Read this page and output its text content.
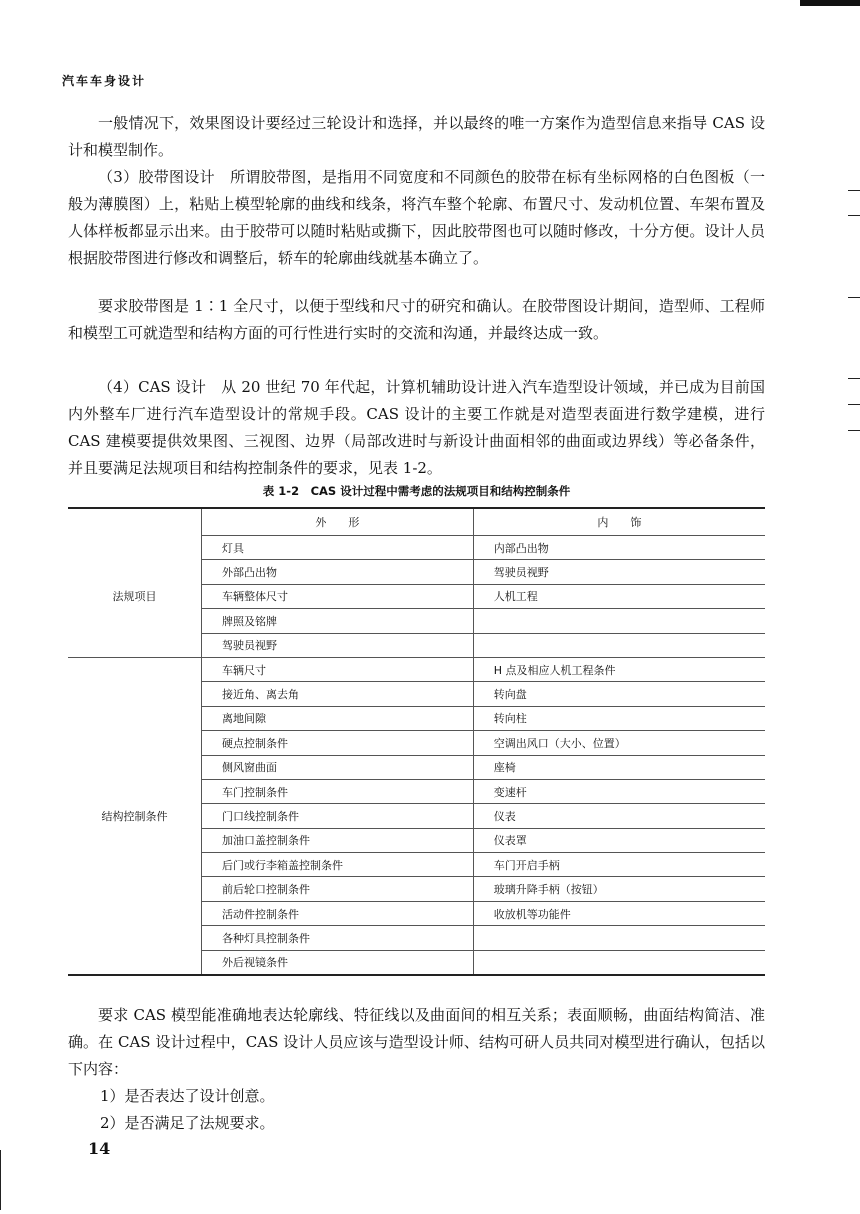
汽车车身设计

一般情况下，效果图设计要经过三轮设计和选择，并以最终的唯一方案作为造型信息来指导 CAS 设计和模型制作。

（3）胶带图设计　所谓胶带图，是指用不同宽度和不同颜色的胶带在标有坐标网格的白色图板（一般为薄膜图）上，粘贴上模型轮廓的曲线和线条，将汽车整个轮廓、布置尺寸、发动机位置、车架布置及人体样板都显示出来。由于胶带可以随时粘贴或撕下，因此胶带图也可以随时修改，十分方便。设计人员根据胶带图进行修改和调整后，轿车的轮廓曲线就基本确立了。

要求胶带图是 1∶1 全尺寸，以便于型线和尺寸的研究和确认。在胶带图设计期间，造型师、工程师和模型工可就造型和结构方面的可行性进行实时的交流和沟通，并最终达成一致。

（4）CAS 设计　从 20 世纪 70 年代起，计算机辅助设计进入汽车造型设计领域，并已成为目前国内外整车厂进行汽车造型设计的常规手段。CAS 设计的主要工作就是对造型表面进行数学建模，进行 CAS 建模要提供效果图、三视图、边界（局部改进时与新设计曲面相邻的曲面或边界线）等必备条件，并且要满足法规项目和结构控制条件的要求，见表 1-2。

表 1-2　CAS 设计过程中需考虑的法规项目和结构控制条件
	外　　形	内　　饰
法规项目	灯具	内部凸出物
	外部凸出物	驾驶员视野
	车辆整体尺寸	人机工程
	牌照及铭牌	
	驾驶员视野	
结构控制条件	车辆尺寸	H 点及相应人机工程条件
	接近角、离去角	转向盘
	离地间隙	转向柱
	硬点控制条件	空调出风口（大小、位置）
	侧风窗曲面	座椅
	车门控制条件	变速杆
	门口线控制条件	仪表
	加油口盖控制条件	仪表罩
	后门或行李箱盖控制条件	车门开启手柄
	前后轮口控制条件	玻璃升降手柄（按钮）
	活动件控制条件	收放机等功能件
	各种灯具控制条件	
	外后视镜条件	

要求 CAS 模型能准确地表达轮廓线、特征线以及曲面间的相互关系；表面顺畅，曲面结构简洁、准确。在 CAS 设计过程中，CAS 设计人员应该与造型设计师、结构可研人员共同对模型进行确认，包括以下内容：

1）是否表达了设计创意。
2）是否满足了法规要求。
14
